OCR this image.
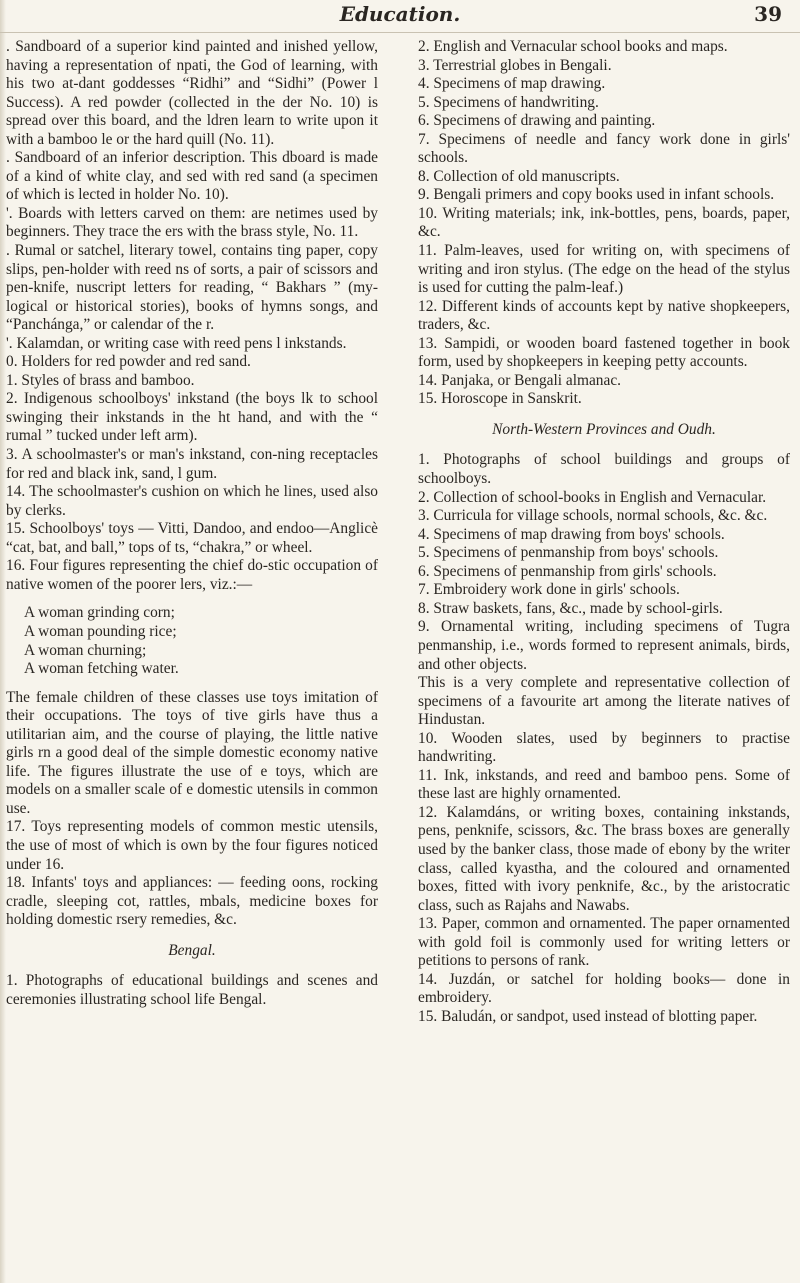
Education.	39

. Sandboard of a superior kind painted and inished yellow, having a representation of npati, the God of learning, with his two at-dant goddesses “Ridhi” and “Sidhi” (Power l Success). A red powder (collected in the der No. 10) is spread over this board, and the ldren learn to write upon it with a bamboo le or the hard quill (No. 11).

. Sandboard of an inferior description. This dboard is made of a kind of white clay, and sed with red sand (a specimen of which is lected in holder No. 10).

'. Boards with letters carved on them: are netimes used by beginners. They trace the ers with the brass style, No. 11.

. Rumal or satchel, literary towel, contains ting paper, copy slips, pen-holder with reed ns of sorts, a pair of scissors and pen-knife, nuscript letters for reading, “ Bakhars ” (my-logical or historical stories), books of hymns songs, and “Panchánga,” or calendar of the r.

'. Kalamdan, or writing case with reed pens l inkstands.

0. Holders for red powder and red sand.

1. Styles of brass and bamboo.

2. Indigenous schoolboys' inkstand (the boys lk to school swinging their inkstands in the ht hand, and with the “ rumal ” tucked under left arm).

3. A schoolmaster's or man's inkstand, con-ning receptacles for red and black ink, sand, l gum.

14. The schoolmaster's cushion on which he lines, used also by clerks.

15. Schoolboys' toys — Vitti, Dandoo, and endoo—Anglicè “cat, bat, and ball,” tops of ts, “chakra,” or wheel.

16. Four figures representing the chief do-stic occupation of native women of the poorer lers, viz.:—

A woman grinding corn;

A woman pounding rice;

A woman churning;

A woman fetching water.

The female children of these classes use toys imitation of their occupations. The toys of tive girls have thus a utilitarian aim, and the course of playing, the little native girls rn a good deal of the simple domestic economy native life. The figures illustrate the use of e toys, which are models on a smaller scale of e domestic utensils in common use.

17. Toys representing models of common mestic utensils, the use of most of which is own by the four figures noticed under 16.

18. Infants' toys and appliances: — feeding oons, rocking cradle, sleeping cot, rattles, mbals, medicine boxes for holding domestic rsery remedies, &c.

Bengal.

1. Photographs of educational buildings and scenes and ceremonies illustrating school life Bengal.

2. English and Vernacular school books and maps.

3. Terrestrial globes in Bengali.

4. Specimens of map drawing.

5. Specimens of handwriting.

6. Specimens of drawing and painting.

7. Specimens of needle and fancy work done in girls' schools.

8. Collection of old manuscripts.

9. Bengali primers and copy books used in infant schools.

10. Writing materials; ink, ink-bottles, pens, boards, paper, &c.

11. Palm-leaves, used for writing on, with specimens of writing and iron stylus. (The edge on the head of the stylus is used for cutting the palm-leaf.)

12. Different kinds of accounts kept by native shopkeepers, traders, &c.

13. Sampidi, or wooden board fastened together in book form, used by shopkeepers in keeping petty accounts.

14. Panjaka, or Bengali almanac.

15. Horoscope in Sanskrit.

North-Western Provinces and Oudh.

1. Photographs of school buildings and groups of schoolboys.

2. Collection of school-books in English and Vernacular.

3. Curricula for village schools, normal schools, &c. &c.

4. Specimens of map drawing from boys' schools.

5. Specimens of penmanship from boys' schools.

6. Specimens of penmanship from girls' schools.

7. Embroidery work done in girls' schools.

8. Straw baskets, fans, &c., made by school-girls.

9. Ornamental writing, including specimens of Tugra penmanship, i.e., words formed to represent animals, birds, and other objects.

This is a very complete and representative collection of specimens of a favourite art among the literate natives of Hindustan.

10. Wooden slates, used by beginners to practise handwriting.

11. Ink, inkstands, and reed and bamboo pens. Some of these last are highly ornamented.

12. Kalamdáns, or writing boxes, containing inkstands, pens, penknife, scissors, &c. The brass boxes are generally used by the banker class, those made of ebony by the writer class, called kyastha, and the coloured and ornamented boxes, fitted with ivory penknife, &c., by the aristocratic class, such as Rajahs and Nawabs.

13. Paper, common and ornamented. The paper ornamented with gold foil is commonly used for writing letters or petitions to persons of rank.

14. Juzdán, or satchel for holding books— done in embroidery.

15. Baludán, or sandpot, used instead of blotting paper.
